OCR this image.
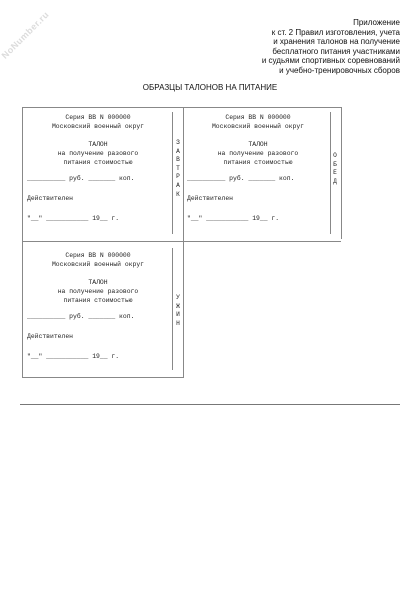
NoNumber.ru	Приложение
к ст. 2 Правил изготовления, учета
и хранения талонов на получение
бесплатного питания участниками
и судьями спортивных соревнований
и учебно-тренировочных сборов
ОБРАЗЦЫ ТАЛОНОВ НА ПИТАНИЕ
Серия ВВ N 000000
Московский военный округ
ТАЛОН
на получение разового
питания стоимостью
__________ руб. _______ коп.
Действителен
"__" ___________ 19__ г.
З
А
В
Т
Р
А
К
Серия ВВ N 000000
Московский военный округ
ТАЛОН
на получение разового
питания стоимостью
__________ руб. _______ коп.
Действителен
"__" ___________ 19__ г.
О
Б
Е
Д
Серия ВВ N 000000
Московский военный округ
ТАЛОН
на получение разового
питания стоимостью
__________ руб. _______ коп.
Действителен
"__" ___________ 19__ г.
У
Ж
И
Н
